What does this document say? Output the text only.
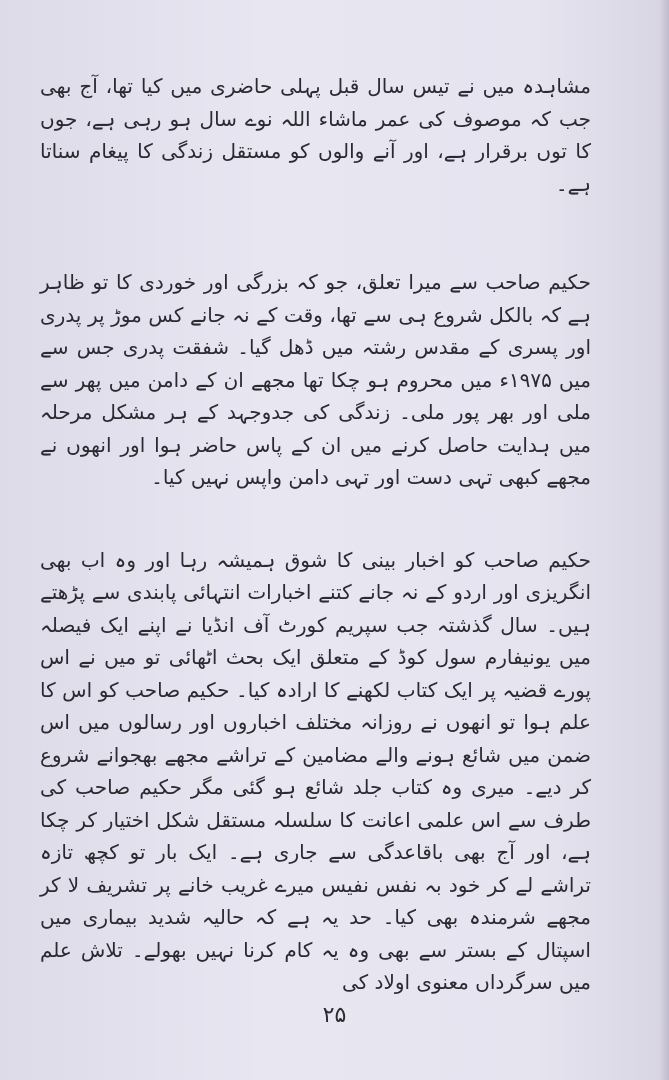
مشاہدہ میں نے تیس سال قبل پہلی حاضری میں کیا تھا، آج بھی جب کہ موصوف کی عمر ماشاء اللہ نوے سال ہو رہی ہے، جوں کا توں برقرار ہے، اور آنے والوں کو مستقل زندگی کا پیغام سناتا ہے۔

حکیم صاحب سے میرا تعلق، جو کہ بزرگی اور خوردی کا تو ظاہر ہے کہ بالکل شروع ہی سے تھا، وقت کے نہ جانے کس موڑ پر پدری اور پسری کے مقدس رشتہ میں ڈھل گیا۔ شفقت پدری جس سے میں ۱۹۷۵ء میں محروم ہو چکا تھا مجھے ان کے دامن میں پھر سے ملی اور بھر پور ملی۔ زندگی کی جدوجہد کے ہر مشکل مرحلہ میں ہدایت حاصل کرنے میں ان کے پاس حاضر ہوا اور انھوں نے مجھے کبھی تہی دست اور تہی دامن واپس نہیں کیا۔

حکیم صاحب کو اخبار بینی کا شوق ہمیشہ رہا اور وہ اب بھی انگریزی اور اردو کے نہ جانے کتنے اخبارات انتہائی پابندی سے پڑھتے ہیں۔ سال گذشتہ جب سپریم کورٹ آف انڈیا نے اپنے ایک فیصلہ میں یونیفارم سول کوڈ کے متعلق ایک بحث اٹھائی تو میں نے اس پورے قضیہ پر ایک کتاب لکھنے کا ارادہ کیا۔ حکیم صاحب کو اس کا علم ہوا تو انھوں نے روزانہ مختلف اخباروں اور رسالوں میں اس ضمن میں شائع ہونے والے مضامین کے تراشے مجھے بھجوانے شروع کر دیے۔ میری وہ کتاب جلد شائع ہو گئی مگر حکیم صاحب کی طرف سے اس علمی اعانت کا سلسلہ مستقل شکل اختیار کر چکا ہے، اور آج بھی باقاعدگی سے جاری ہے۔ ایک بار تو کچھ تازہ تراشے لے کر خود بہ نفس نفیس میرے غریب خانے پر تشریف لا کر مجھے شرمندہ بھی کیا۔ حد یہ ہے کہ حالیہ شدید بیماری میں اسپتال کے بستر سے بھی وہ یہ کام کرنا نہیں بھولے۔ تلاش علم میں سرگرداں معنوی اولاد کی

۲۵
